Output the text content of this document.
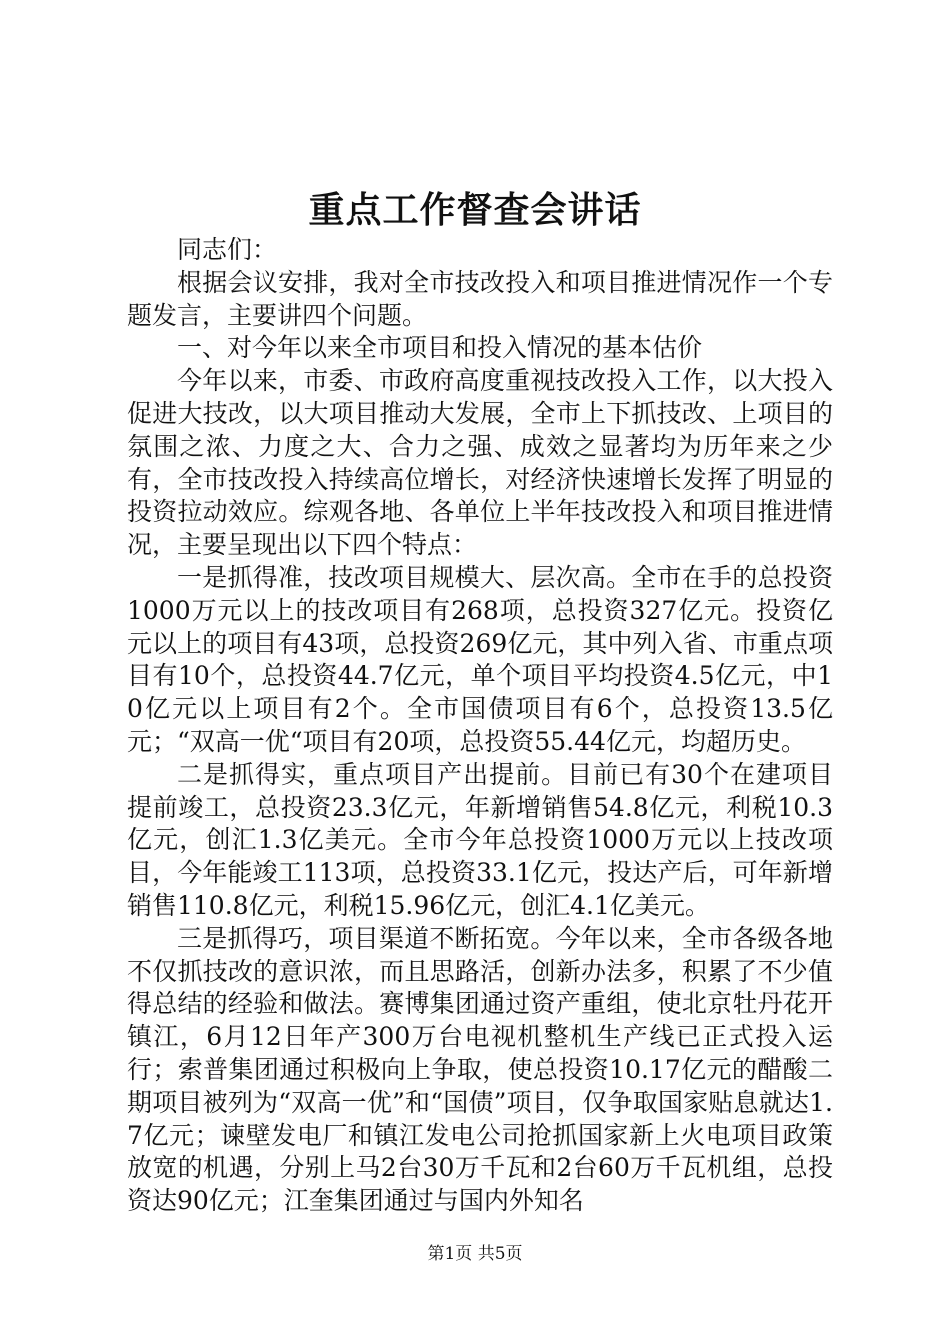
重点工作督查会讲话

同志们：

根据会议安排，我对全市技改投入和项目推进情况作一个专题发言，主要讲四个问题。

一、对今年以来全市项目和投入情况的基本估价

今年以来，市委、市政府高度重视技改投入工作，以大投入促进大技改，以大项目推动大发展，全市上下抓技改、上项目的氛围之浓、力度之大、合力之强、成效之显著均为历年来之少有，全市技改投入持续高位增长，对经济快速增长发挥了明显的投资拉动效应。综观各地、各单位上半年技改投入和项目推进情况，主要呈现出以下四个特点：

一是抓得准，技改项目规模大、层次高。全市在手的总投资1000万元以上的技改项目有268项，总投资327亿元。投资亿元以上的项目有43项，总投资269亿元，其中列入省、市重点项目有10个，总投资44.7亿元，单个项目平均投资4.5亿元，中10亿元以上项目有2个。全市国债项目有6个，总投资13.5亿元；“双高一优“项目有20项，总投资55.44亿元，均超历史。

二是抓得实，重点项目产出提前。目前已有30个在建项目提前竣工，总投资23.3亿元，年新增销售54.8亿元，利税10.3亿元，创汇1.3亿美元。全市今年总投资1000万元以上技改项目，今年能竣工113项，总投资33.1亿元，投达产后，可年新增销售110.8亿元，利税15.96亿元，创汇4.1亿美元。

三是抓得巧，项目渠道不断拓宽。今年以来，全市各级各地不仅抓技改的意识浓，而且思路活，创新办法多，积累了不少值得总结的经验和做法。赛博集团通过资产重组，使北京牡丹花开镇江，6月12日年产300万台电视机整机生产线已正式投入运行；索普集团通过积极向上争取，使总投资10.17亿元的醋酸二期项目被列为“双高一优”和“国债”项目，仅争取国家贴息就达1.7亿元；谏壁发电厂和镇江发电公司抢抓国家新上火电项目政策放宽的机遇，分别上马2台30万千瓦和2台60万千瓦机组，总投资达90亿元；江奎集团通过与国内外知名

第1页 共5页
